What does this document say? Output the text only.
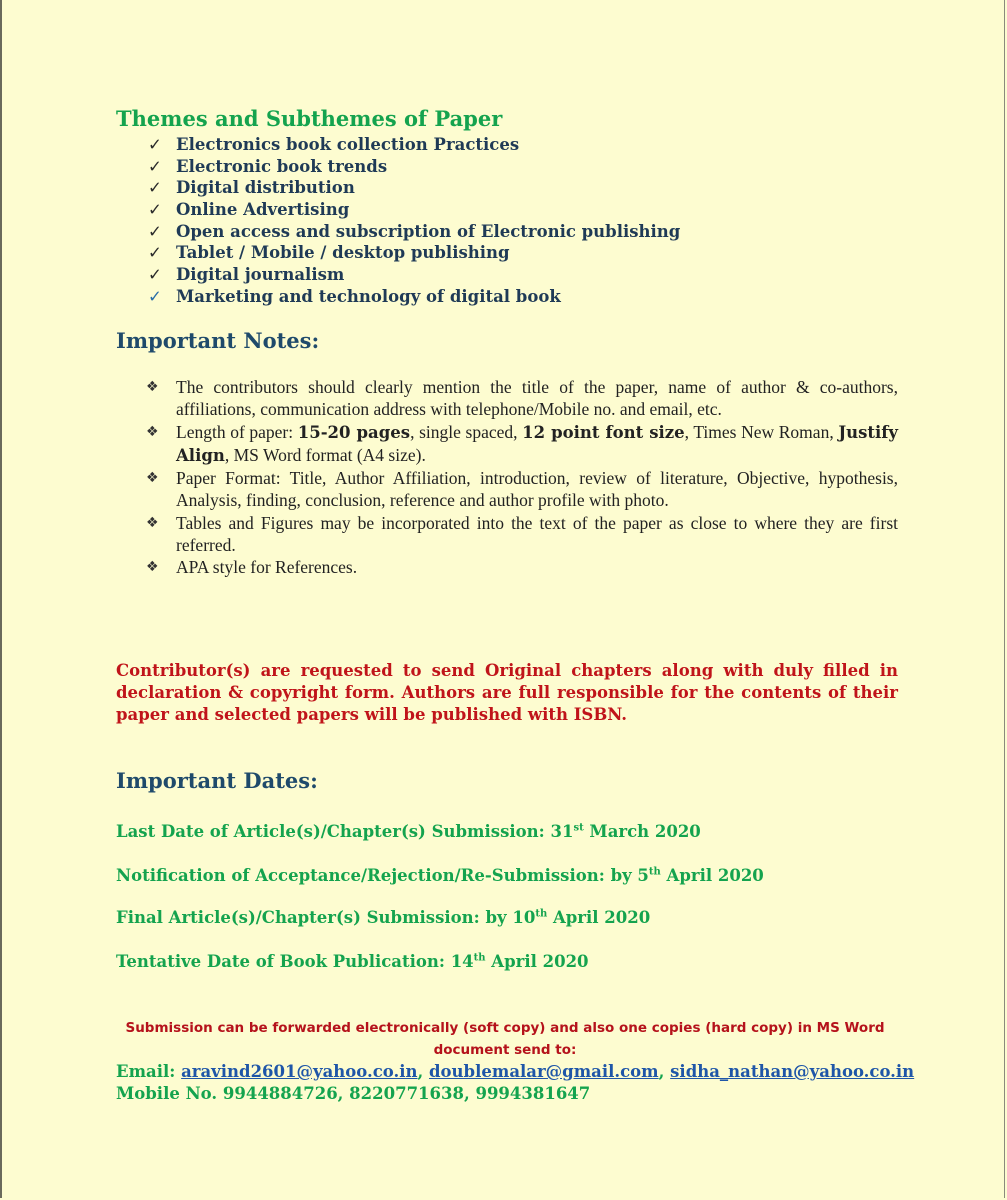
Themes and Subthemes of Paper
✓ Electronics book collection Practices
✓ Electronic book trends
✓ Digital distribution
✓ Online Advertising
✓ Open access and subscription of Electronic publishing
✓ Tablet / Mobile / desktop publishing
✓ Digital journalism
✓ Marketing and technology of digital book
Important Notes:
❖ The contributors should clearly mention the title of the paper, name of author & co-authors, affiliations, communication address with telephone/Mobile no. and email, etc.
❖ Length of paper: 15-20 pages, single spaced, 12 point font size, Times New Roman, Justify Align, MS Word format (A4 size).
❖ Paper Format: Title, Author Affiliation, introduction, review of literature, Objective, hypothesis, Analysis, finding, conclusion, reference and author profile with photo.
❖ Tables and Figures may be incorporated into the text of the paper as close to where they are first referred.
❖ APA style for References.

Contributor(s) are requested to send Original chapters along with duly filled in declaration & copyright form. Authors are full responsible for the contents of their paper and selected papers will be published with ISBN.

Important Dates:

Last Date of Article(s)/Chapter(s) Submission: 31st March 2020

Notification of Acceptance/Rejection/Re-Submission: by 5th April 2020

Final Article(s)/Chapter(s) Submission: by 10th April 2020

Tentative Date of Book Publication: 14th April 2020

Submission can be forwarded electronically (soft copy) and also one copies (hard copy) in MS Word document send to:

Email: aravind2601@yahoo.co.in, doublemalar@gmail.com, sidha_nathan@yahoo.co.in

Mobile No. 9944884726, 8220771638, 9994381647
